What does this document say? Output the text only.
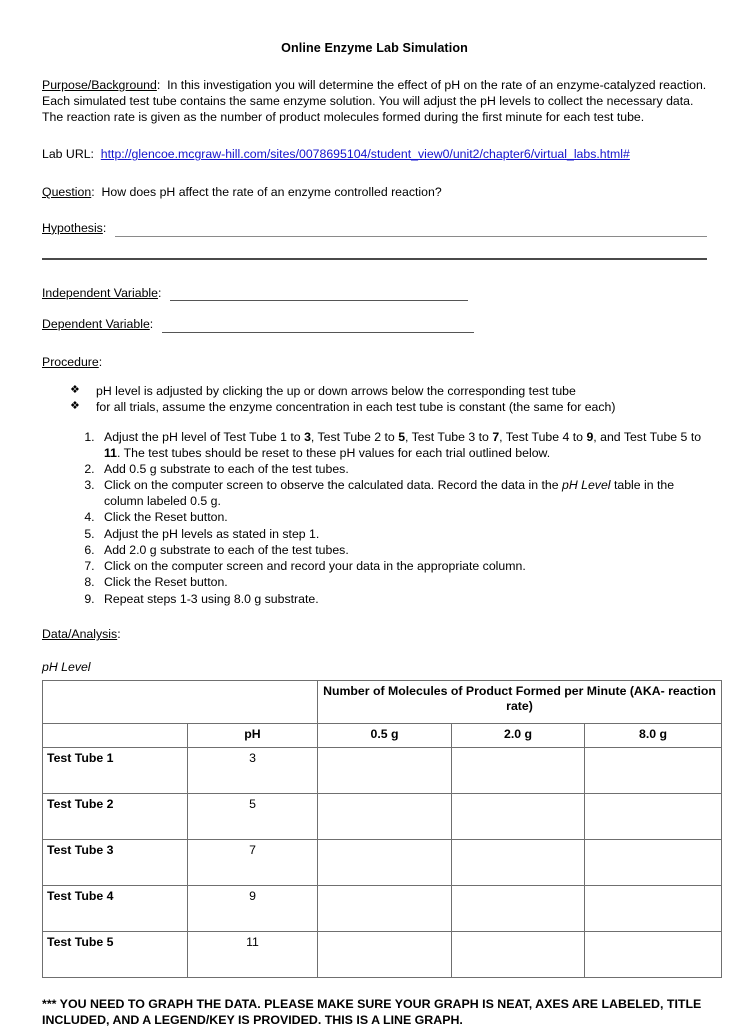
Online Enzyme Lab Simulation
Purpose/Background: In this investigation you will determine the effect of pH on the rate of an enzyme-catalyzed reaction. Each simulated test tube contains the same enzyme solution. You will adjust the pH levels to collect the necessary data. The reaction rate is given as the number of product molecules formed during the first minute for each test tube.
Lab URL: http://glencoe.mcgraw-hill.com/sites/0078695104/student_view0/unit2/chapter6/virtual_labs.html#
Question: How does pH affect the rate of an enzyme controlled reaction?
Hypothesis:
Independent Variable:
Dependent Variable:
Procedure:
❖ pH level is adjusted by clicking the up or down arrows below the corresponding test tube
❖ for all trials, assume the enzyme concentration in each test tube is constant (the same for each)
1. Adjust the pH level of Test Tube 1 to 3, Test Tube 2 to 5, Test Tube 3 to 7, Test Tube 4 to 9, and Test Tube 5 to 11. The test tubes should be reset to these pH values for each trial outlined below.
2. Add 0.5 g substrate to each of the test tubes.
3. Click on the computer screen to observe the calculated data. Record the data in the pH Level table in the column labeled 0.5 g.
4. Click the Reset button.
5. Adjust the pH levels as stated in step 1.
6. Add 2.0 g substrate to each of the test tubes.
7. Click on the computer screen and record your data in the appropriate column.
8. Click the Reset button.
9. Repeat steps 1-3 using 8.0 g substrate.
Data/Analysis:
pH Level
		Number of Molecules of Product Formed per Minute (AKA- reaction rate)		
	pH	0.5 g	2.0 g	8.0 g
Test Tube 1	3			
Test Tube 2	5			
Test Tube 3	7			
Test Tube 4	9			
Test Tube 5	11			
*** YOU NEED TO GRAPH THE DATA. PLEASE MAKE SURE YOUR GRAPH IS NEAT, AXES ARE LABELED, TITLE INCLUDED, AND A LEGEND/KEY IS PROVIDED. THIS IS A LINE GRAPH.
